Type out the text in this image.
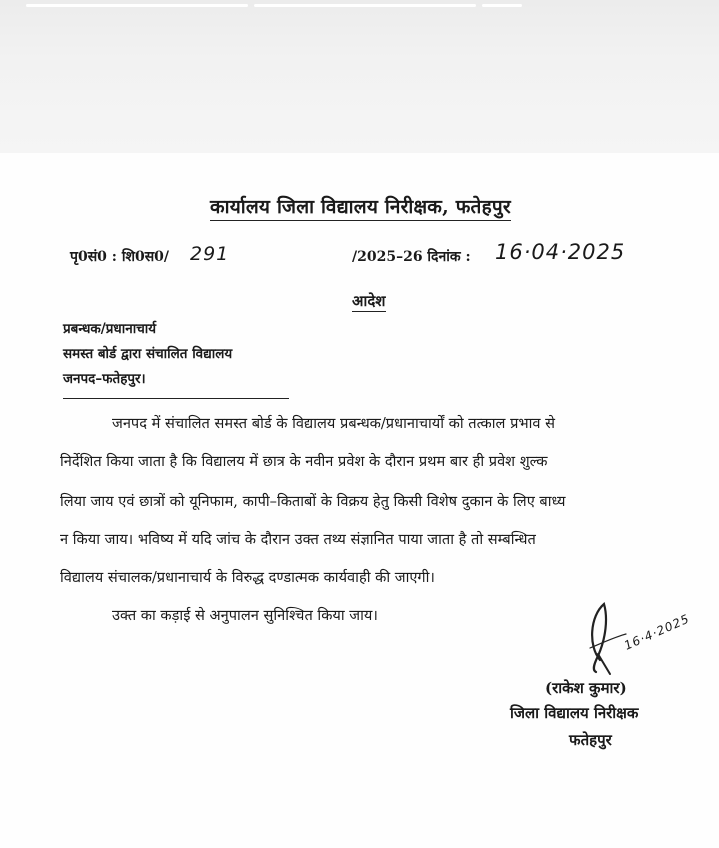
कार्यालय जिला विद्यालय निरीक्षक, फतेहपुर
पृ0सं0 : शि0स0/ 291	/2025–26 दिनांक : 16·04·2025
आदेश
प्रबन्धक/प्रधानाचार्य
समस्त बोर्ड द्वारा संचालित विद्यालय
जनपद–फतेहपुर।
जनपद में संचालित समस्त बोर्ड के विद्यालय प्रबन्धक/प्रधानाचार्यों को तत्काल प्रभाव से
निर्देशित किया जाता है कि विद्यालय में छात्र के नवीन प्रवेश के दौरान प्रथम बार ही प्रवेश शुल्क
लिया जाय एवं छात्रों को यूनिफाम, कापी–किताबों के विक्रय हेतु किसी विशेष दुकान के लिए बाध्य
न किया जाय। भविष्य में यदि जांच के दौरान उक्त तथ्य संज्ञानित पाया जाता है तो सम्बन्धित
विद्यालय संचालक/प्रधानाचार्य के विरुद्ध दण्डात्मक कार्यवाही की जाएगी।
उक्त का कड़ाई से अनुपालन सुनिश्चित किया जाय।	16·4·2025
(राकेश कुमार)
जिला विद्यालय निरीक्षक
फतेहपुर
